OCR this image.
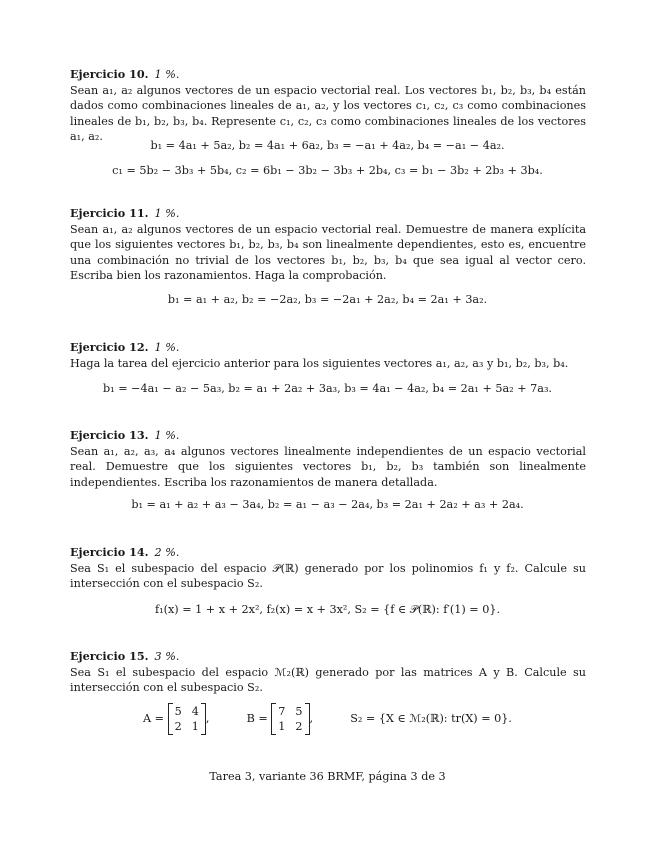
Ejercicio 10. 1 %.
Sean a₁, a₂ algunos vectores de un espacio vectorial real. Los vectores b₁, b₂, b₃, b₄ están dados como combinaciones lineales de a₁, a₂, y los vectores c₁, c₂, c₃ como combinaciones lineales de b₁, b₂, b₃, b₄. Represente c₁, c₂, c₃ como combinaciones lineales de los vectores a₁, a₂.

b₁ = 4a₁ + 5a₂, b₂ = 4a₁ + 6a₂, b₃ = −a₁ + 4a₂, b₄ = −a₁ − 4a₂.
c₁ = 5b₂ − 3b₃ + 5b₄, c₂ = 6b₁ − 3b₂ − 3b₃ + 2b₄, c₃ = b₁ − 3b₂ + 2b₃ + 3b₄.

Ejercicio 11. 1 %.
Sean a₁, a₂ algunos vectores de un espacio vectorial real. Demuestre de manera explícita que los siguientes vectores b₁, b₂, b₃, b₄ son linealmente dependientes, esto es, encuentre una combinación no trivial de los vectores b₁, b₂, b₃, b₄ que sea igual al vector cero. Escriba bien los razonamientos. Haga la comprobación.

b₁ = a₁ + a₂, b₂ = −2a₂, b₃ = −2a₁ + 2a₂, b₄ = 2a₁ + 3a₂.

Ejercicio 12. 1 %.
Haga la tarea del ejercicio anterior para los siguientes vectores a₁, a₂, a₃ y b₁, b₂, b₃, b₄.

b₁ = −4a₁ − a₂ − 5a₃, b₂ = a₁ + 2a₂ + 3a₃, b₃ = 4a₁ − 4a₂, b₄ = 2a₁ + 5a₂ + 7a₃.

Ejercicio 13. 1 %.
Sean a₁, a₂, a₃, a₄ algunos vectores linealmente independientes de un espacio vectorial real. Demuestre que los siguientes vectores b₁, b₂, b₃ también son linealmente independientes. Escriba los razonamientos de manera detallada.

b₁ = a₁ + a₂ + a₃ − 3a₄, b₂ = a₁ − a₃ − 2a₄, b₃ = 2a₁ + 2a₂ + a₃ + 2a₄.

Ejercicio 14. 2 %.
Sea S₁ el subespacio del espacio 𝒫(ℝ) generado por los polinomios f₁ y f₂. Calcule su intersección con el subespacio S₂.

f₁(x) = 1 + x + 2x², f₂(x) = x + 3x², S₂ = {f ∈ 𝒫(ℝ): f′(1) = 0}.

Ejercicio 15. 3 %.
Sea S₁ el subespacio del espacio ℳ₂(ℝ) generado por las matrices A y B. Calcule su intersección con el subespacio S₂.

A =
5 4
2 1
,	B =
7 5
1 2
,	S₂ = {X ∈ ℳ₂(ℝ): tr(X) = 0}.
Tarea 3, variante 36 BRMF, página 3 de 3
